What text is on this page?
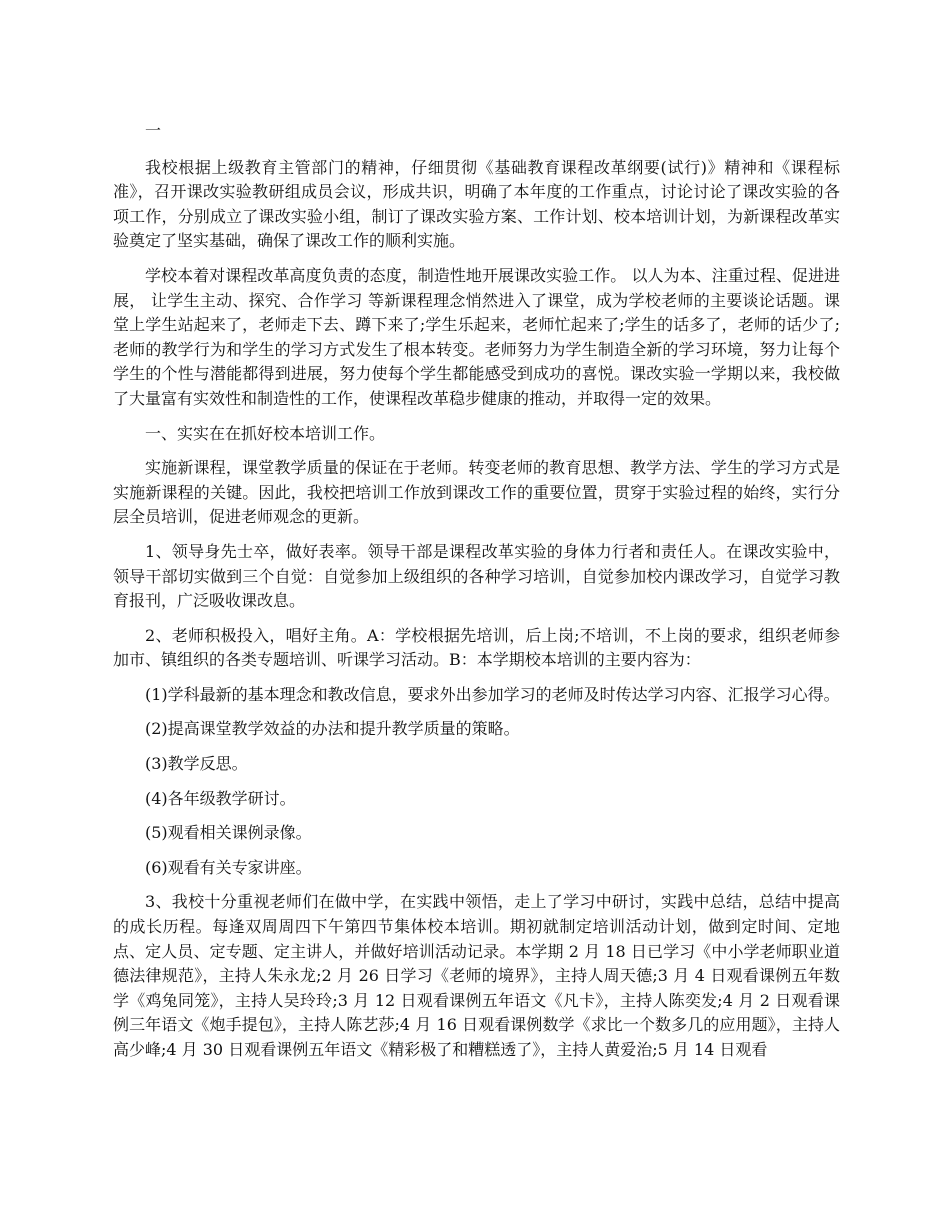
一

我校根据上级教育主管部门的精神，仔细贯彻《基础教育课程改革纲要(试行)》精神和《课程标准》，召开课改实验教研组成员会议，形成共识，明确了本年度的工作重点，讨论讨论了课改实验的各项工作，分别成立了课改实验小组，制订了课改实验方案、工作计划、校本培训计划，为新课程改革实验奠定了坚实基础，确保了课改工作的顺利实施。

学校本着对课程改革高度负责的态度，制造性地开展课改实验工作。 以人为本、注重过程、促进进展， 让学生主动、探究、合作学习 等新课程理念悄然进入了课堂，成为学校老师的主要谈论话题。课堂上学生站起来了，老师走下去、蹲下来了;学生乐起来，老师忙起来了;学生的话多了，老师的话少了;老师的教学行为和学生的学习方式发生了根本转变。老师努力为学生制造全新的学习环境，努力让每个学生的个性与潜能都得到进展，努力使每个学生都能感受到成功的喜悦。课改实验一学期以来，我校做了大量富有实效性和制造性的工作，使课程改革稳步健康的推动，并取得一定的效果。

一、实实在在抓好校本培训工作。

实施新课程，课堂教学质量的保证在于老师。转变老师的教育思想、教学方法、学生的学习方式是实施新课程的关键。因此，我校把培训工作放到课改工作的重要位置，贯穿于实验过程的始终，实行分层全员培训，促进老师观念的更新。

1、领导身先士卒，做好表率。领导干部是课程改革实验的身体力行者和责任人。在课改实验中，领导干部切实做到三个自觉：自觉参加上级组织的各种学习培训，自觉参加校内课改学习，自觉学习教育报刊，广泛吸收课改息。

2、老师积极投入，唱好主角。A：学校根据先培训，后上岗;不培训，不上岗的要求，组织老师参加市、镇组织的各类专题培训、听课学习活动。B：本学期校本培训的主要内容为：

(1)学科最新的基本理念和教改信息，要求外出参加学习的老师及时传达学习内容、汇报学习心得。

(2)提高课堂教学效益的办法和提升教学质量的策略。

(3)教学反思。

(4)各年级教学研讨。

(5)观看相关课例录像。

(6)观看有关专家讲座。

3、我校十分重视老师们在做中学，在实践中领悟，走上了学习中研讨，实践中总结，总结中提高的成长历程。每逢双周周四下午第四节集体校本培训。期初就制定培训活动计划，做到定时间、定地点、定人员、定专题、定主讲人，并做好培训活动记录。本学期 2 月 18 日已学习《中小学老师职业道德法律规范》，主持人朱永龙;2 月 26 日学习《老师的境界》，主持人周天德;3 月 4 日观看课例五年数学《鸡兔同笼》，主持人吴玲玲;3 月 12 日观看课例五年语文《凡卡》，主持人陈奕发;4 月 2 日观看课例三年语文《炮手提包》，主持人陈艺莎;4 月 16 日观看课例数学《求比一个数多几的应用题》，主持人高少峰;4 月 30 日观看课例五年语文《精彩极了和糟糕透了》，主持人黄爱治;5 月 14 日观看
